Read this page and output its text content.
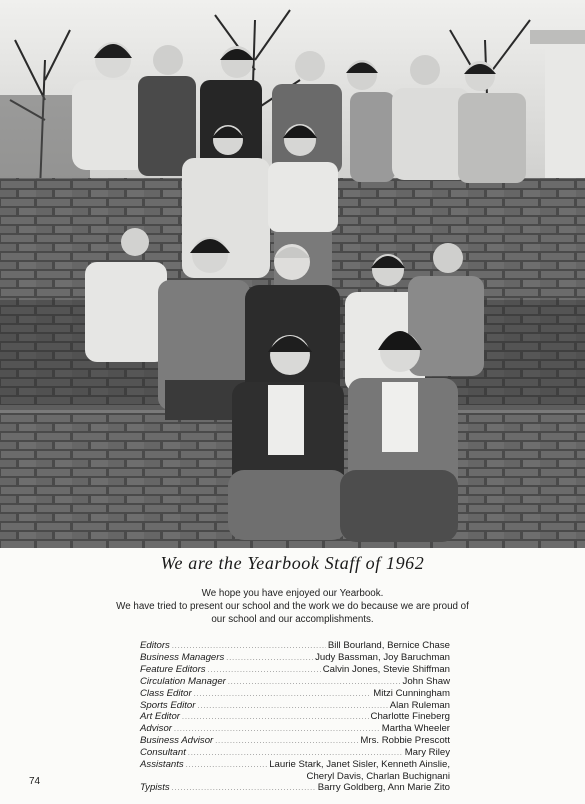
We are the Yearbook Staff of 1962
We hope you have enjoyed our Yearbook.
We have tried to present our school and the work we do because we are proud of
our school and our accomplishments.
Editors .....	Bill Bourland, Bernice Chase
Business Managers .....	Judy Bassman, Joy Baruchman
Feature Editors .....	Calvin Jones, Stevie Shiffman
Circulation Manager .....	John Shaw
Class Editor .....	Mitzi Cunningham
Sports Editor .....	Alan Ruleman
Art Editor .....	Charlotte Fineberg
Advisor .....	Martha Wheeler
Business Advisor .....	Mrs. Robbie Prescott
Consultant .....	Mary Riley
Assistants .....	Laurie Stark, Janet Sisler, Kenneth Ainslie,
Cheryl Davis, Charlan Buchignani
Typists .....	Barry Goldberg, Ann Marie Zito
74
